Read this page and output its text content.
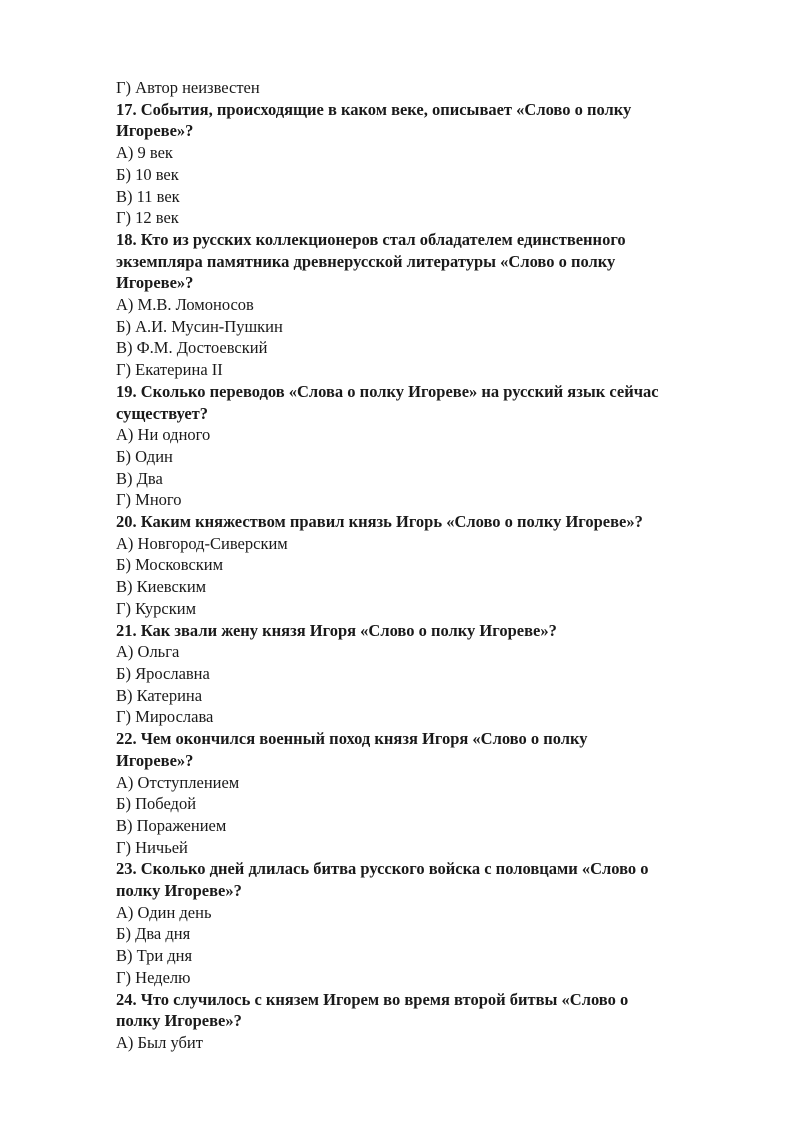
Г) Автор неизвестен

17. События, происходящие в каком веке, описывает «Слово о полку

Игореве»?

А) 9 век

Б) 10 век

В) 11 век

Г) 12 век

18. Кто из русских коллекционеров стал обладателем единственного

экземпляра памятника древнерусской литературы «Слово о полку

Игореве»?

А) М.В. Ломоносов

Б) А.И. Мусин-Пушкин

В) Ф.М. Достоевский

Г) Екатерина II

19. Сколько переводов «Слова о полку Игореве» на русский язык сейчас

существует?

А) Ни одного

Б) Один

В) Два

Г) Много

20. Каким княжеством правил князь Игорь «Слово о полку Игореве»?

А) Новгород-Сиверским

Б) Московским

В) Киевским

Г) Курским

21. Как звали жену князя Игоря «Слово о полку Игореве»?

А) Ольга

Б) Ярославна

В) Катерина

Г) Мирослава

22. Чем окончился военный поход князя Игоря «Слово о полку

Игореве»?

А) Отступлением

Б) Победой

В) Поражением

Г) Ничьей

23. Сколько дней длилась битва русского войска с половцами «Слово о

полку Игореве»?

А) Один день

Б) Два дня

В) Три дня

Г) Неделю

24. Что случилось с князем Игорем во время второй битвы «Слово о

полку Игореве»?

А) Был убит
